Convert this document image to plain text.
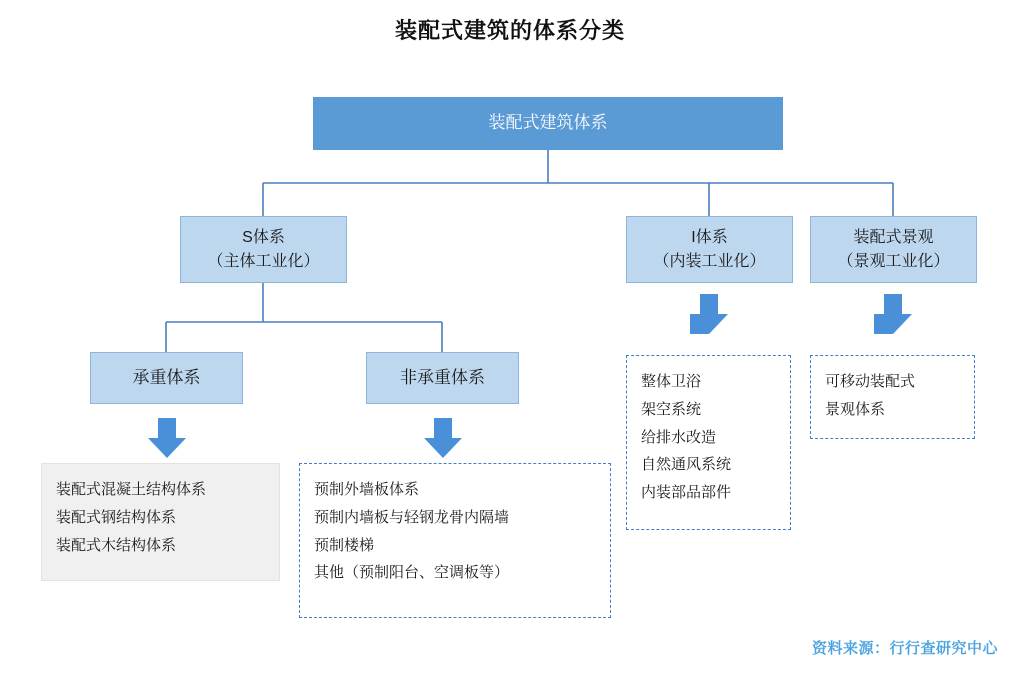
装配式建筑的体系分类
装配式建筑体系
S体系
（主体工业化）
I体系
（内装工业化）
装配式景观
（景观工业化）
承重体系	非承重体系
装配式混凝土结构体系
装配式钢结构体系
装配式木结构体系
预制外墙板体系
预制内墙板与轻钢龙骨内隔墙
预制楼梯
其他（预制阳台、空调板等）
整体卫浴
架空系统
给排水改造
自然通风系统
内装部品部件
可移动装配式
景观体系
资料来源：行行查研究中心
